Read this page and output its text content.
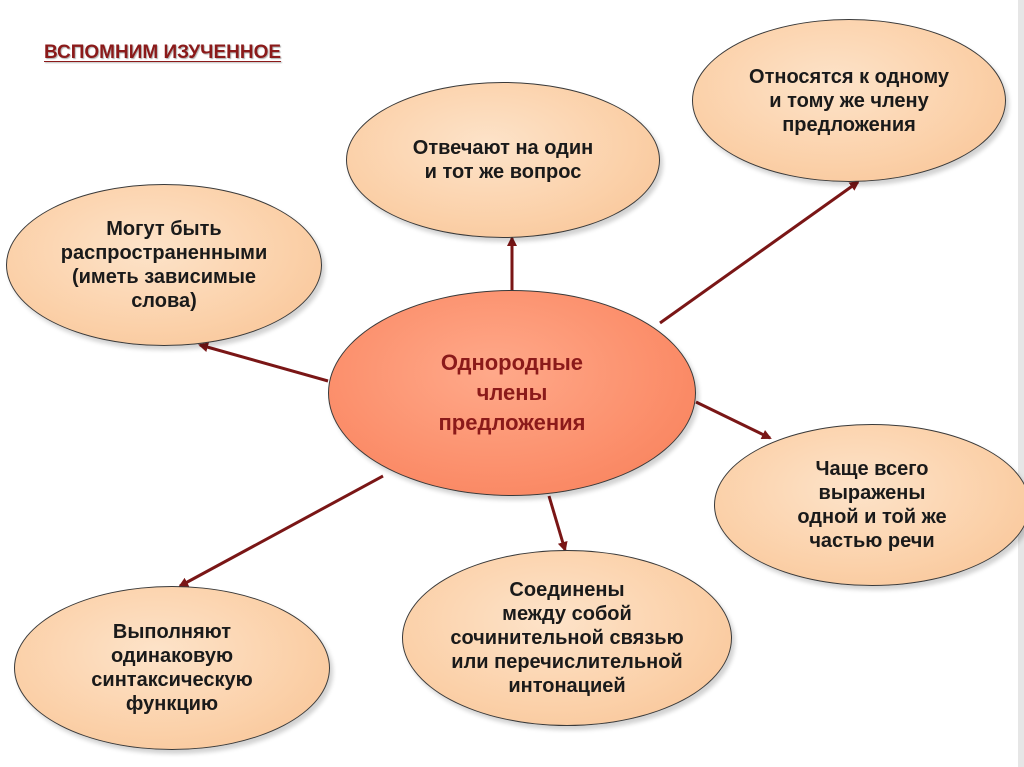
ВСПОМНИМ ИЗУЧЕННОЕ
Отвечают на один
и тот же вопрос
Относятся к одному
и тому же члену
предложения
Могут быть
распространенными
(иметь зависимые
слова)
Однородные
члены
предложения
Чаще всего
выражены
одной и той же
частью речи
Соединены
между собой
сочинительной связью
или перечислительной
интонацией
Выполняют
одинаковую
синтаксическую
функцию
